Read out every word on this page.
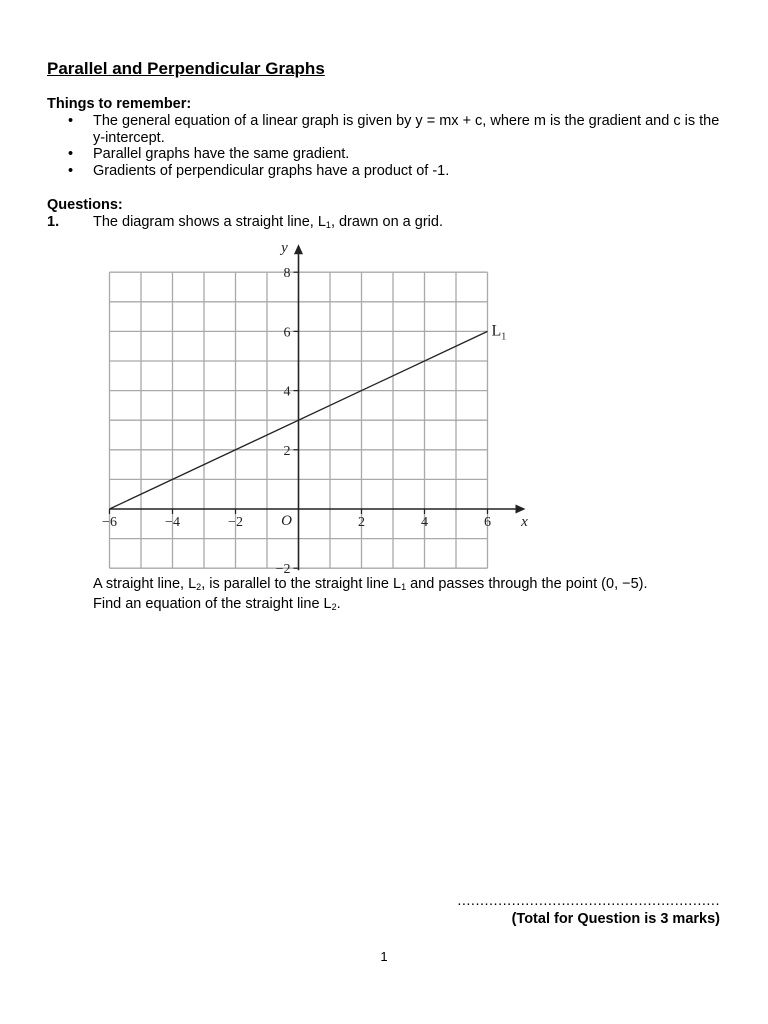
Parallel and Perpendicular Graphs
Things to remember:
• The general equation of a linear graph is given by y = mx + c, where m is the gradient and c is the y-intercept.
• Parallel graphs have the same gradient.
• Gradients of perpendicular graphs have a product of -1.
Questions:
1. The diagram shows a straight line, $L_1$, drawn on a grid.
−6	−4	−2	2	4	6
−2
2
4
6
8
O	x
y
$L_1$
A straight line, $L_2$, is parallel to the straight line $L_1$ and passes through the point (0, −5).
Find an equation of the straight line $L_2$.
..........................................................
(Total for Question is 3 marks)
1
